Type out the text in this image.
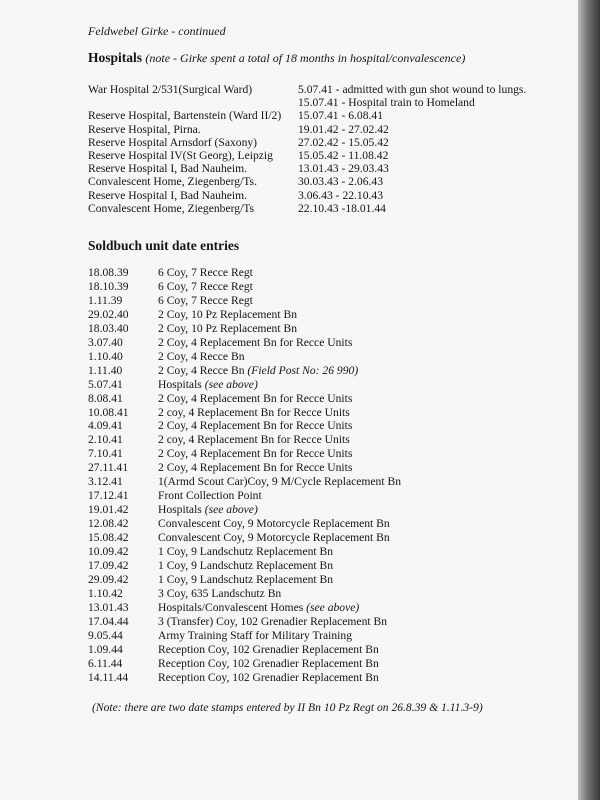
Feldwebel Girke - continued
Hospitals (note - Girke spent a total of 18 months in hospital/convalescence)
War Hospital 2/531(Surgical Ward)	5.07.41 - admitted with gun shot wound to lungs.
15.07.41 - Hospital train to Homeland
Reserve Hospital, Bartenstein (Ward II/2) 15.07.41 - 6.08.41
Reserve Hospital, Pirna.	19.01.42 - 27.02.42
Reserve Hospital Arnsdorf (Saxony)	27.02.42 - 15.05.42
Reserve Hospital IV(St Georg), Leipzig 15.05.42 - 11.08.42
Reserve Hospital I, Bad Nauheim.	13.01.43 - 29.03.43
Convalescent Home, Ziegenberg/Ts.	30.03.43 - 2.06.43
Reserve Hospital I, Bad Nauheim.	3.06.43 - 22.10.43
Convalescent Home, Ziegenberg/Ts	22.10.43 -18.01.44
Soldbuch unit date entries
18.08.39	6 Coy, 7 Recce Regt
18.10.39	6 Coy, 7 Recce Regt
1.11.39	6 Coy, 7 Recce Regt
29.02.40	2 Coy, 10 Pz Replacement Bn
18.03.40	2 Coy, 10 Pz Replacement Bn
3.07.40	2 Coy, 4 Replacement Bn for Recce Units
1.10.40	2 Coy, 4 Recce Bn
1.11.40	2 Coy, 4 Recce Bn (Field Post No: 26 990)
5.07.41	Hospitals (see above)
8.08.41	2 Coy, 4 Replacement Bn for Recce Units
10.08.41	2 coy, 4 Replacement Bn for Recce Units
4.09.41	2 Coy, 4 Replacement Bn for Recce Units
2.10.41	2 coy, 4 Replacement Bn for Recce Units
7.10.41	2 Coy, 4 Replacement Bn for Recce Units
27.11.41	2 Coy, 4 Replacement Bn for Recce Units
3.12.41	1(Armd Scout Car)Coy, 9 M/Cycle Replacement Bn
17.12.41	Front Collection Point
19.01.42	Hospitals (see above)
12.08.42	Convalescent Coy, 9 Motorcycle Replacement Bn
15.08.42	Convalescent Coy, 9 Motorcycle Replacement Bn
10.09.42	1 Coy, 9 Landschutz Replacement Bn
17.09.42	1 Coy, 9 Landschutz Replacement Bn
29.09.42	1 Coy, 9 Landschutz Replacement Bn
1.10.42	3 Coy, 635 Landschutz Bn
13.01.43	Hospitals/Convalescent Homes (see above)
17.04.44	3 (Transfer) Coy, 102 Grenadier Replacement Bn
9.05.44	Army Training Staff for Military Training
1.09.44	Reception Coy, 102 Grenadier Replacement Bn
6.11.44	Reception Coy, 102 Grenadier Replacement Bn
14.11.44	Reception Coy, 102 Grenadier Replacement Bn
(Note: there are two date stamps entered by II Bn 10 Pz Regt on 26.8.39 & 1.11.3-9)
